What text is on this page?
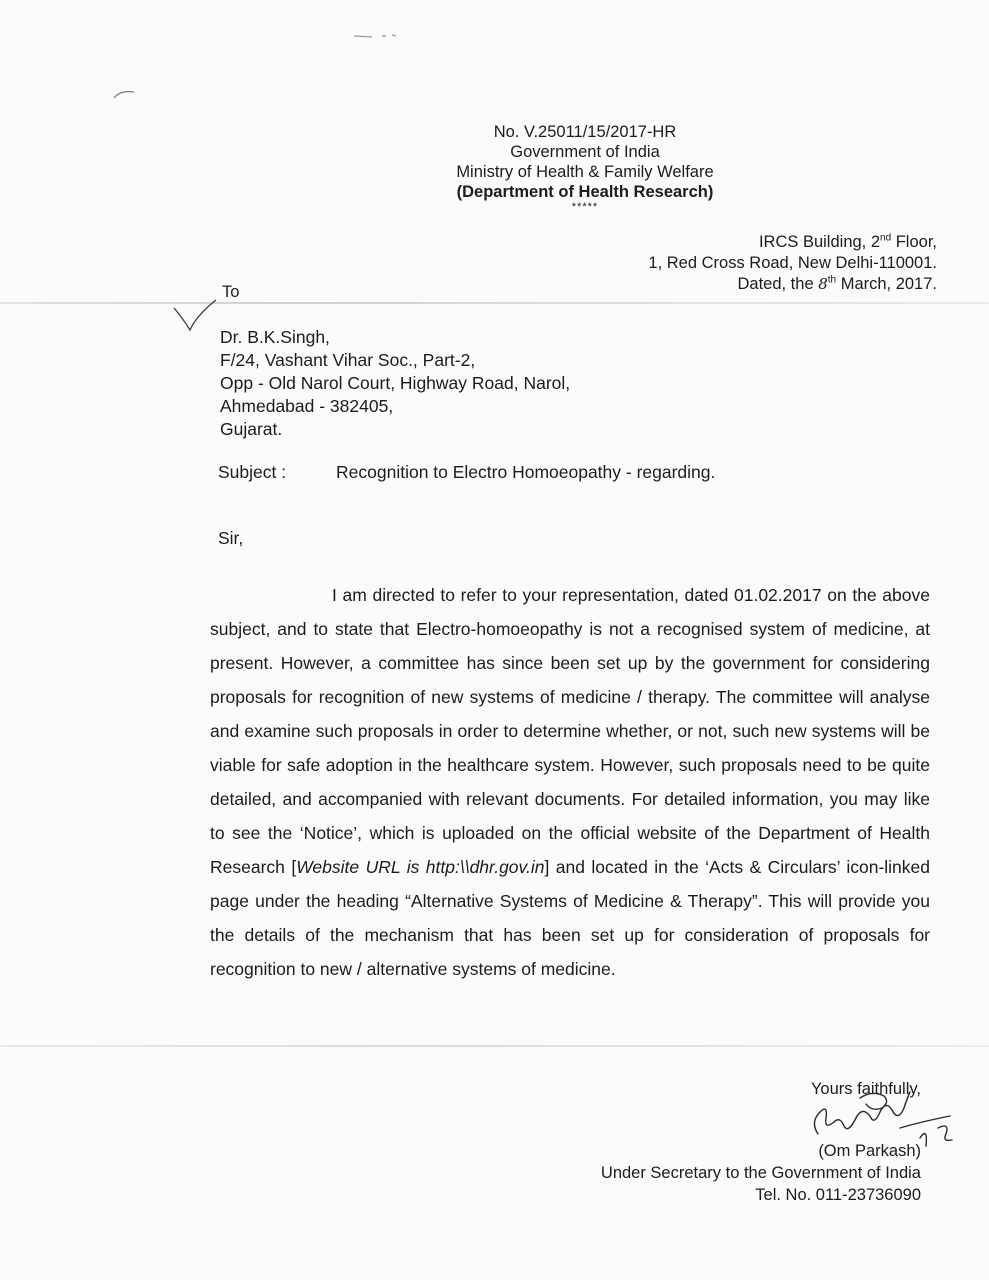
No. V.25011/15/2017-HR
Government of India
Ministry of Health & Family Welfare
(Department of Health Research)
*****
IRCS Building, 2nd Floor,
1, Red Cross Road, New Delhi-110001.
Dated, the 8th March, 2017.
To
Dr. B.K.Singh,
F/24, Vashant Vihar Soc., Part-2,
Opp - Old Narol Court, Highway Road, Narol,
Ahmedabad - 382405,
Gujarat.
Subject :	Recognition to Electro Homoeopathy - regarding.
Sir,
I am directed to refer to your representation, dated 01.02.2017 on the above subject, and to state that Electro-homoeopathy is not a recognised system of medicine, at present. However, a committee has since been set up by the government for considering proposals for recognition of new systems of medicine / therapy. The committee will analyse and examine such proposals in order to determine whether, or not, such new systems will be viable for safe adoption in the healthcare system. However, such proposals need to be quite detailed, and accompanied with relevant documents. For detailed information, you may like to see the ‘Notice’, which is uploaded on the official website of the Department of Health Research [Website URL is http:\\dhr.gov.in] and located in the ‘Acts & Circulars’ icon-linked page under the heading “Alternative Systems of Medicine & Therapy”. This will provide you the details of the mechanism that has been set up for consideration of proposals for recognition to new / alternative systems of medicine.
Yours faithfully,
(Om Parkash)
Under Secretary to the Government of India
Tel. No. 011-23736090
